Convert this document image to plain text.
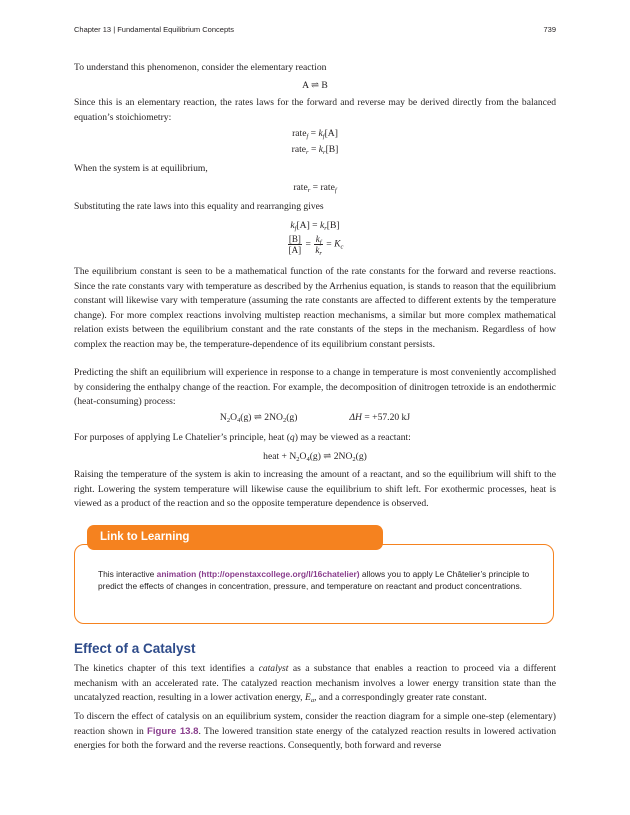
Chapter 13 | Fundamental Equilibrium Concepts	739

To understand this phenomenon, consider the elementary reaction

A ⇌ B

Since this is an elementary reaction, the rates laws for the forward and reverse may be derived directly from the balanced equation’s stoichiometry:

rate$_f$ = $k_f[A]$
rate$_r$ = $k_r[B]$

When the system is at equilibrium,

rate$_r$ = rate$_f$

Substituting the rate laws into this equality and rearranging gives

$k_f[A] = k_r[B]$
$\frac{[B]}{[A]} = \frac{k_f}{k_r} = K_c$

The equilibrium constant is seen to be a mathematical function of the rate constants for the forward and reverse reactions. Since the rate constants vary with temperature as described by the Arrhenius equation, is stands to reason that the equilibrium constant will likewise vary with temperature (assuming the rate constants are affected to different extents by the temperature change). For more complex reactions involving multistep reaction mechanisms, a similar but more complex mathematical relation exists between the equilibrium constant and the rate constants of the steps in the mechanism. Regardless of how complex the reaction may be, the temperature-dependence of its equilibrium constant persists.

Predicting the shift an equilibrium will experience in response to a change in temperature is most conveniently accomplished by considering the enthalpy change of the reaction. For example, the decomposition of dinitrogen tetroxide is an endothermic (heat-consuming) process:

$N_2O_4(g)$ ⇌ $2NO_2(g)$	ΔH = +57.20 kJ

For purposes of applying Le Chatelier’s principle, heat (q) may be viewed as a reactant:

heat + $N_2O_4(g)$ ⇌ $2NO_2(g)$

Raising the temperature of the system is akin to increasing the amount of a reactant, and so the equilibrium will shift to the right. Lowering the system temperature will likewise cause the equilibrium to shift left. For exothermic processes, heat is viewed as a product of the reaction and so the opposite temperature dependence is observed.

Link to Learning
This interactive animation (http://openstaxcollege.org/l/16chatelier) allows you to apply Le Châtelier’s principle to predict the effects of changes in concentration, pressure, and temperature on reactant and product concentrations.
Effect of a Catalyst

The kinetics chapter of this text identifies a catalyst as a substance that enables a reaction to proceed via a different mechanism with an accelerated rate. The catalyzed reaction mechanism involves a lower energy transition state than the uncatalyzed reaction, resulting in a lower activation energy, $E_a$, and a correspondingly greater rate constant.

To discern the effect of catalysis on an equilibrium system, consider the reaction diagram for a simple one-step (elementary) reaction shown in Figure 13.8. The lowered transition state energy of the catalyzed reaction results in lowered activation energies for both the forward and the reverse reactions. Consequently, both forward and reverse
